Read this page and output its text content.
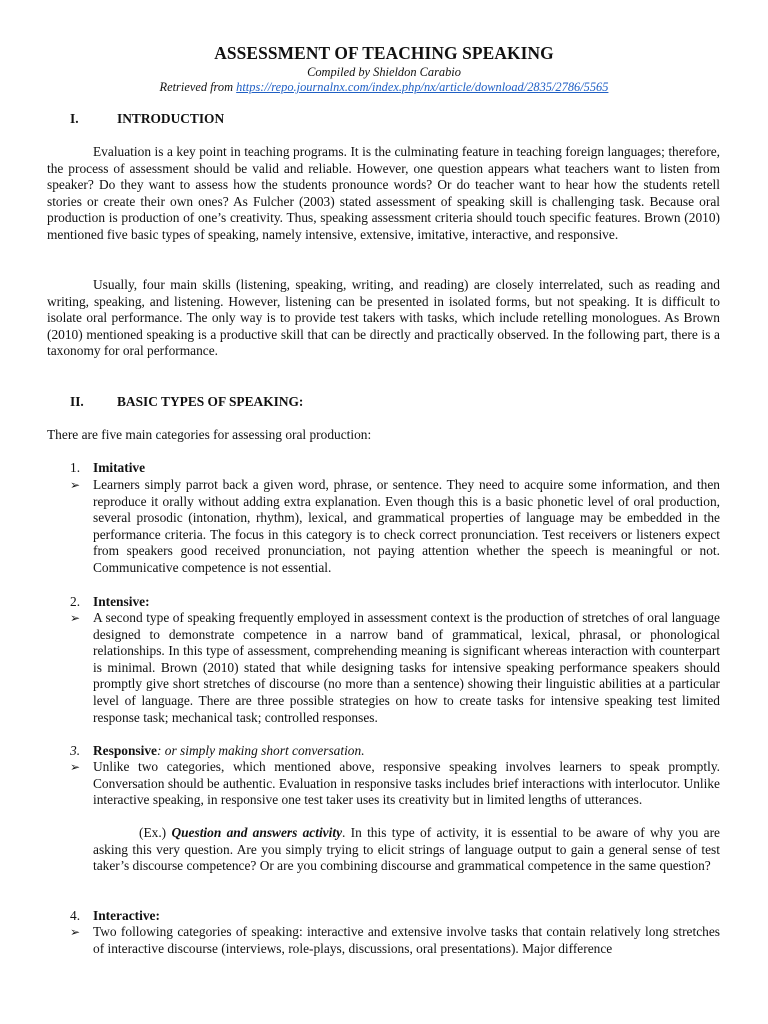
ASSESSMENT OF TEACHING SPEAKING
Compiled by Shieldon Carabio
Retrieved from https://repo.journalnx.com/index.php/nx/article/download/2835/2786/5565
I.	INTRODUCTION
Evaluation is a key point in teaching programs. It is the culminating feature in teaching foreign languages; therefore, the process of assessment should be valid and reliable. However, one question appears what teachers want to listen from speaker? Do they want to assess how the students pronounce words? Or do teacher want to hear how the students retell stories or create their own ones? As Fulcher (2003) stated assessment of speaking skill is challenging task. Because oral production is production of one’s creativity. Thus, speaking assessment criteria should touch specific features. Brown (2010) mentioned five basic types of speaking, namely intensive, extensive, imitative, interactive, and responsive.
Usually, four main skills (listening, speaking, writing, and reading) are closely interrelated, such as reading and writing, speaking, and listening. However, listening can be presented in isolated forms, but not speaking. It is difficult to isolate oral performance. The only way is to provide test takers with tasks, which include retelling monologues. As Brown (2010) mentioned speaking is a productive skill that can be directly and practically observed. In the following part, there is a taxonomy for oral performance.
II. BASIC TYPES OF SPEAKING:
There are five main categories for assessing oral production:
1. Imitative
➢ Learners simply parrot back a given word, phrase, or sentence. They need to acquire some information, and then reproduce it orally without adding extra explanation. Even though this is a basic phonetic level of oral production, several prosodic (intonation, rhythm), lexical, and grammatical properties of language may be embedded in the performance criteria. The focus in this category is to check correct pronunciation. Test receivers or listeners expect from speakers good received pronunciation, not paying attention whether the speech is meaningful or not. Communicative competence is not essential.
2. Intensive:
➢ A second type of speaking frequently employed in assessment context is the production of stretches of oral language designed to demonstrate competence in a narrow band of grammatical, lexical, phrasal, or phonological relationships. In this type of assessment, comprehending meaning is significant whereas interaction with counterpart is minimal. Brown (2010) stated that while designing tasks for intensive speaking performance speakers should promptly give short stretches of discourse (no more than a sentence) showing their linguistic abilities at a particular level of language. There are three possible strategies on how to create tasks for intensive speaking test limited response task; mechanical task; controlled responses.
3. Responsive: or simply making short conversation.
➢ Unlike two categories, which mentioned above, responsive speaking involves learners to speak promptly. Conversation should be authentic. Evaluation in responsive tasks includes brief interactions with interlocutor. Unlike interactive speaking, in responsive one test taker uses its creativity but in limited lengths of utterances.
(Ex.) Question and answers activity. In this type of activity, it is essential to be aware of why you are asking this very question. Are you simply trying to elicit strings of language output to gain a general sense of test taker’s discourse competence? Or are you combining discourse and grammatical competence in the same question?
4. Interactive:
➢ Two following categories of speaking: interactive and extensive involve tasks that contain relatively long stretches of interactive discourse (interviews, role-plays, discussions, oral presentations). Major difference
